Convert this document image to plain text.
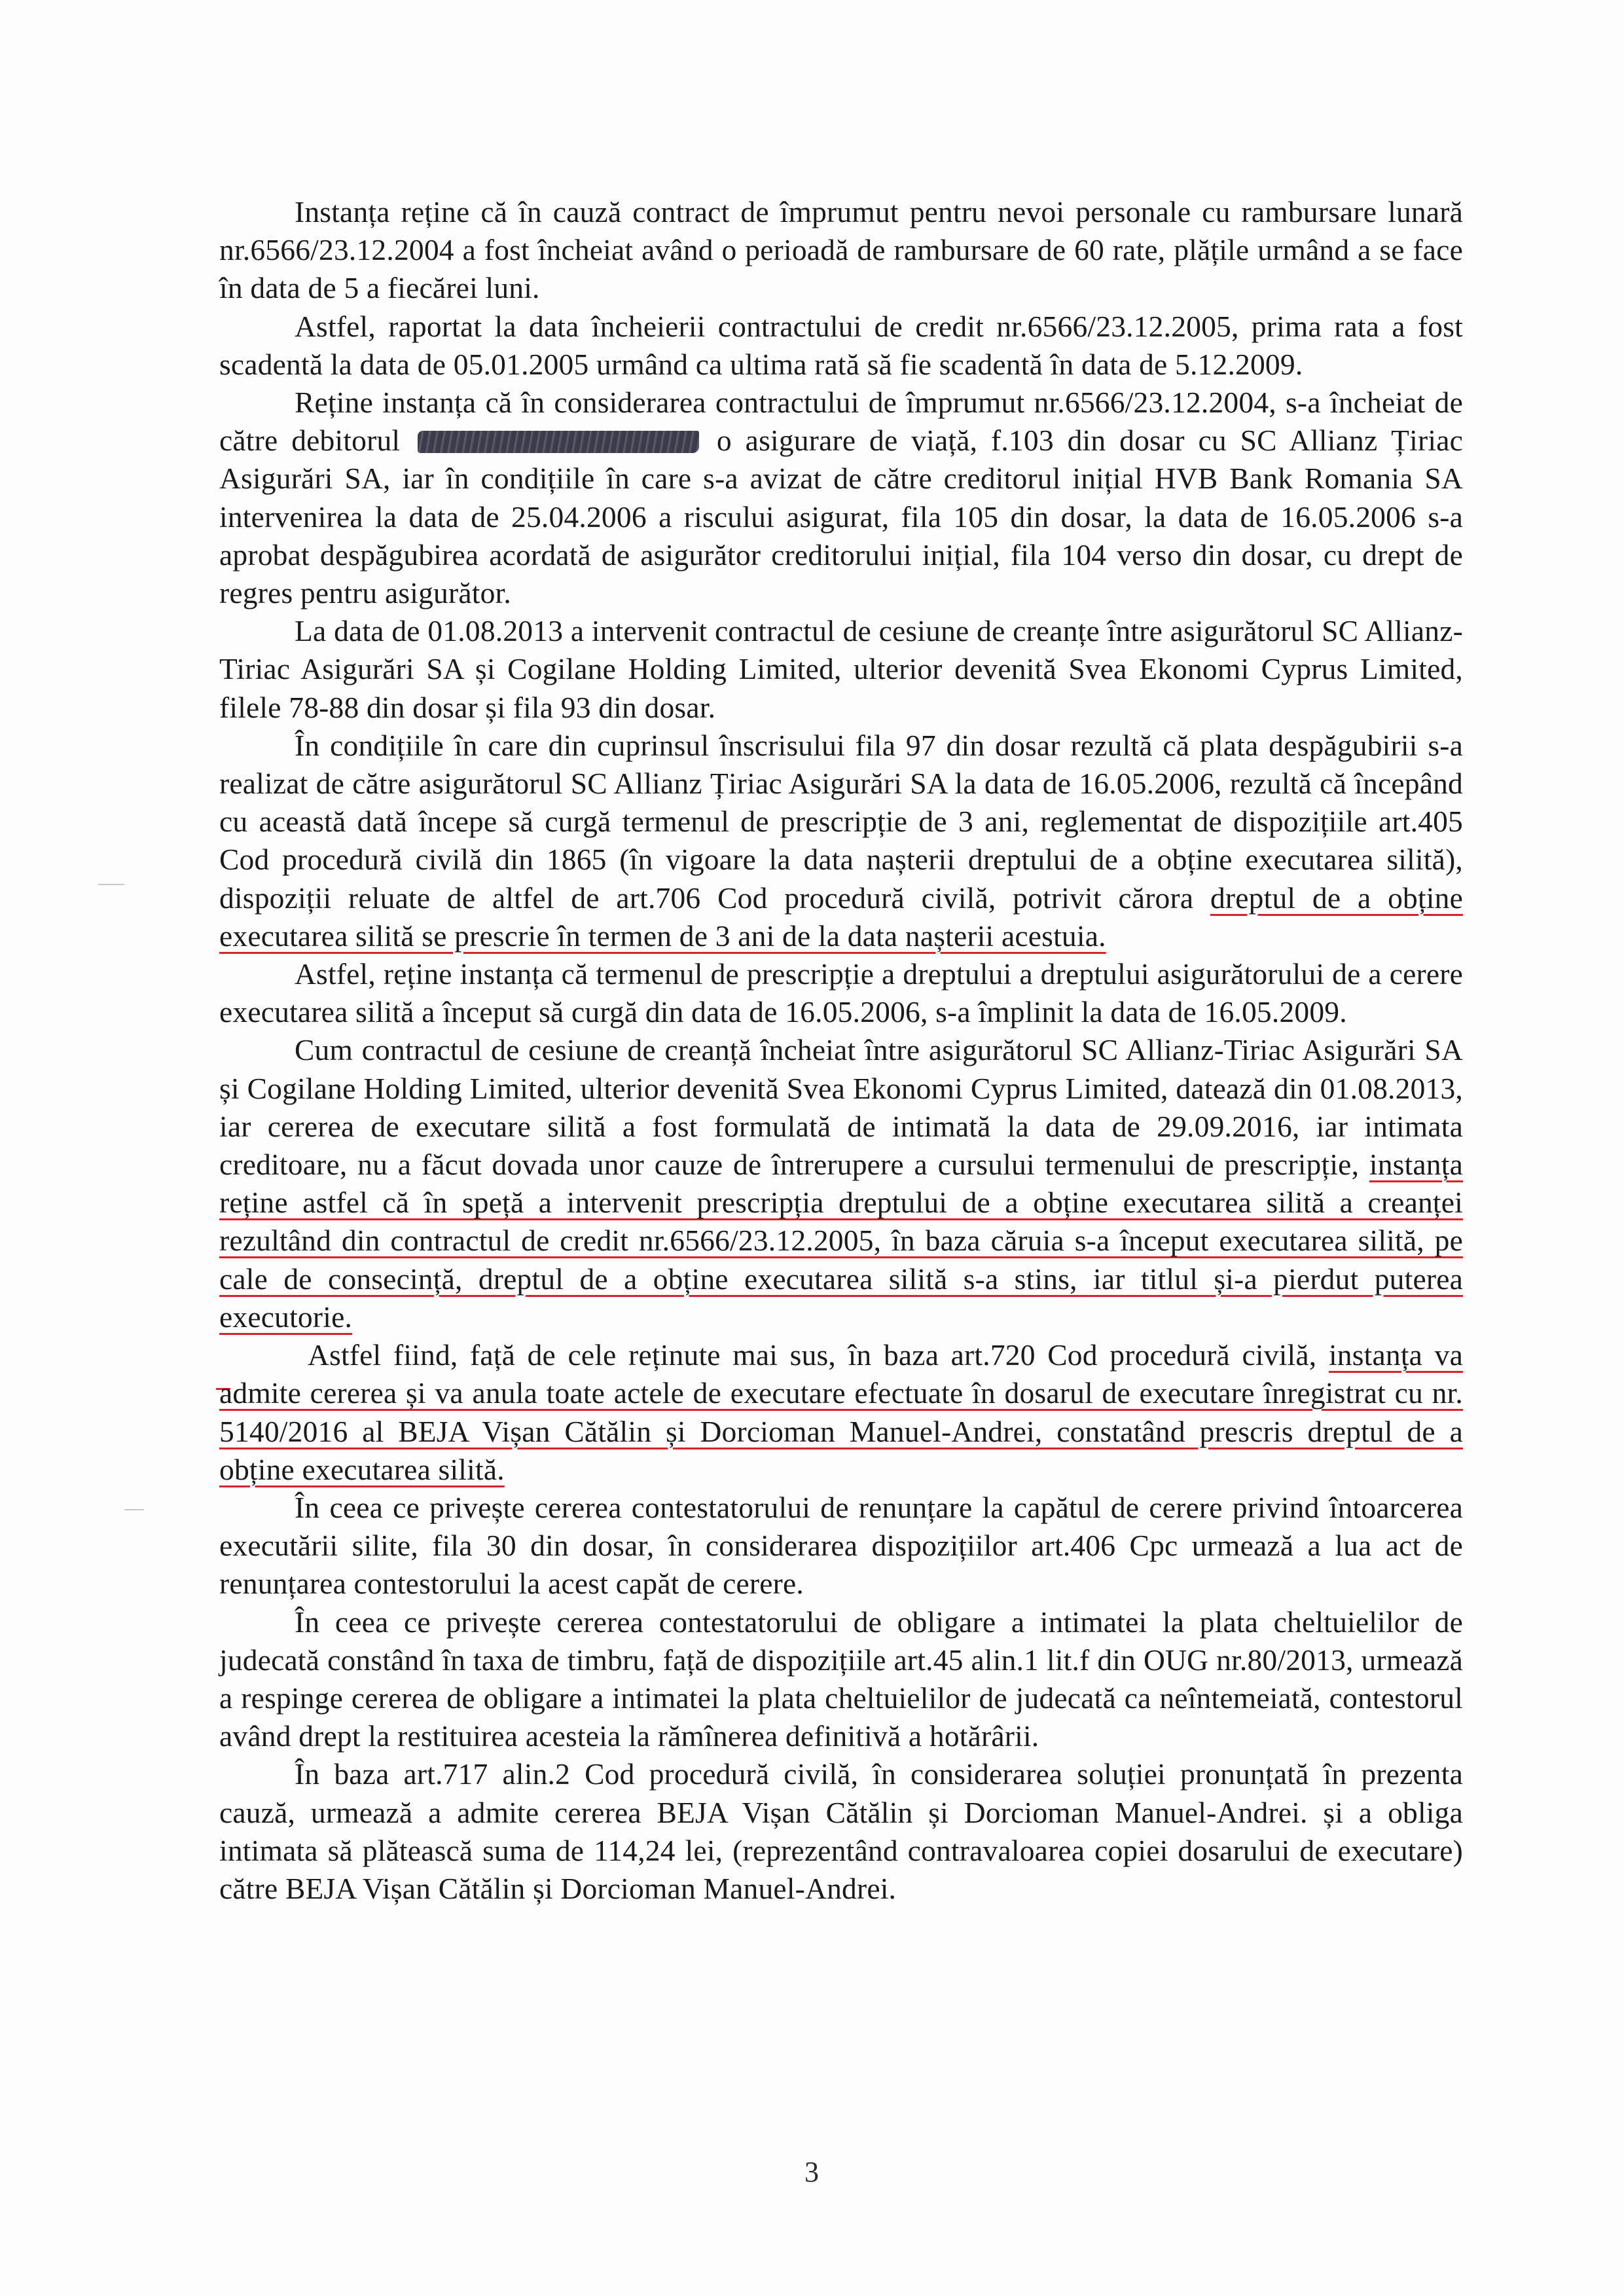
Instanța reține că în cauză contract de împrumut pentru nevoi personale cu rambursare lunară nr.6566/23.12.2004 a fost încheiat având o perioadă de rambursare de 60 rate, plățile urmând a se face în data de 5 a fiecărei luni.

Astfel, raportat la data încheierii contractului de credit nr.6566/23.12.2005, prima rata a fost scadentă la data de 05.01.2005 urmând ca ultima rată să fie scadentă în data de 5.12.2009.

Reține instanța că în considerarea contractului de împrumut nr.6566/23.12.2004, s-a încheiat de către debitorul	o asigurare de viață, f.103 din dosar cu SC Allianz Țiriac Asigurări SA, iar în condițiile în care s-a avizat de către creditorul inițial HVB Bank Romania SA intervenirea la data de 25.04.2006 a riscului asigurat, fila 105 din dosar, la data de 16.05.2006 s-a aprobat despăgubirea acordată de asigurător creditorului inițial, fila 104 verso din dosar, cu drept de regres pentru asigurător.

La data de 01.08.2013 a intervenit contractul de cesiune de creanțe între asigurătorul SC Allianz-Tiriac Asigurări SA și Cogilane Holding Limited, ulterior devenită Svea Ekonomi Cyprus Limited, filele 78-88 din dosar și fila 93 din dosar.

În condițiile în care din cuprinsul înscrisului fila 97 din dosar rezultă că plata despăgubirii s-a realizat de către asigurătorul SC Allianz Țiriac Asigurări SA la data de 16.05.2006, rezultă că începând cu această dată începe să curgă termenul de prescripție de 3 ani, reglementat de dispozițiile art.405 Cod procedură civilă din 1865 (în vigoare la data nașterii dreptului de a obține executarea silită), dispoziții reluate de altfel de art.706 Cod procedură civilă, potrivit cărora dreptul de a obține executarea silită se prescrie în termen de 3 ani de la data nașterii acestuia.

Astfel, reține instanța că termenul de prescripție a dreptului a dreptului asigurătorului de a cerere executarea silită a început să curgă din data de 16.05.2006, s-a împlinit la data de 16.05.2009.

Cum contractul de cesiune de creanță încheiat între asigurătorul SC Allianz-Tiriac Asigurări SA și Cogilane Holding Limited, ulterior devenită Svea Ekonomi Cyprus Limited, datează din 01.08.2013, iar cererea de executare silită a fost formulată de intimată la data de 29.09.2016, iar intimata creditoare, nu a făcut dovada unor cauze de întrerupere a cursului termenului de prescripție, instanța reține astfel că în speță a intervenit prescripția dreptului de a obține executarea silită a creanței rezultând din contractul de credit nr.6566/23.12.2005, în baza căruia s-a început executarea silită, pe cale de consecință, dreptul de a obține executarea silită s-a stins, iar titlul și-a pierdut puterea executorie.

Astfel fiind, față de cele reținute mai sus, în baza art.720 Cod procedură civilă, instanța va admite cererea și va anula toate actele de executare efectuate în dosarul de executare înregistrat cu nr. 5140/2016 al BEJA Vișan Cătălin și Dorcioman Manuel-Andrei, constatând prescris dreptul de a obține executarea silită.

În ceea ce privește cererea contestatorului de renunțare la capătul de cerere privind întoarcerea executării silite, fila 30 din dosar, în considerarea dispozițiilor art.406 Cpc urmează a lua act de renunțarea contestorului la acest capăt de cerere.

În ceea ce privește cererea contestatorului de obligare a intimatei la plata cheltuielilor de judecată constând în taxa de timbru, față de dispozițiile art.45 alin.1 lit.f din OUG nr.80/2013, urmează a respinge cererea de obligare a intimatei la plata cheltuielilor de judecată ca neîntemeiată, contestorul având drept la restituirea acesteia la rămînerea definitivă a hotărârii.

În baza art.717 alin.2 Cod procedură civilă, în considerarea soluției pronunțată în prezenta cauză, urmează a admite cererea BEJA Vișan Cătălin și Dorcioman Manuel-Andrei. și a obliga intimata să plătească suma de 114,24 lei, (reprezentând contravaloarea copiei dosarului de executare) către BEJA Vișan Cătălin și Dorcioman Manuel-Andrei.

3
